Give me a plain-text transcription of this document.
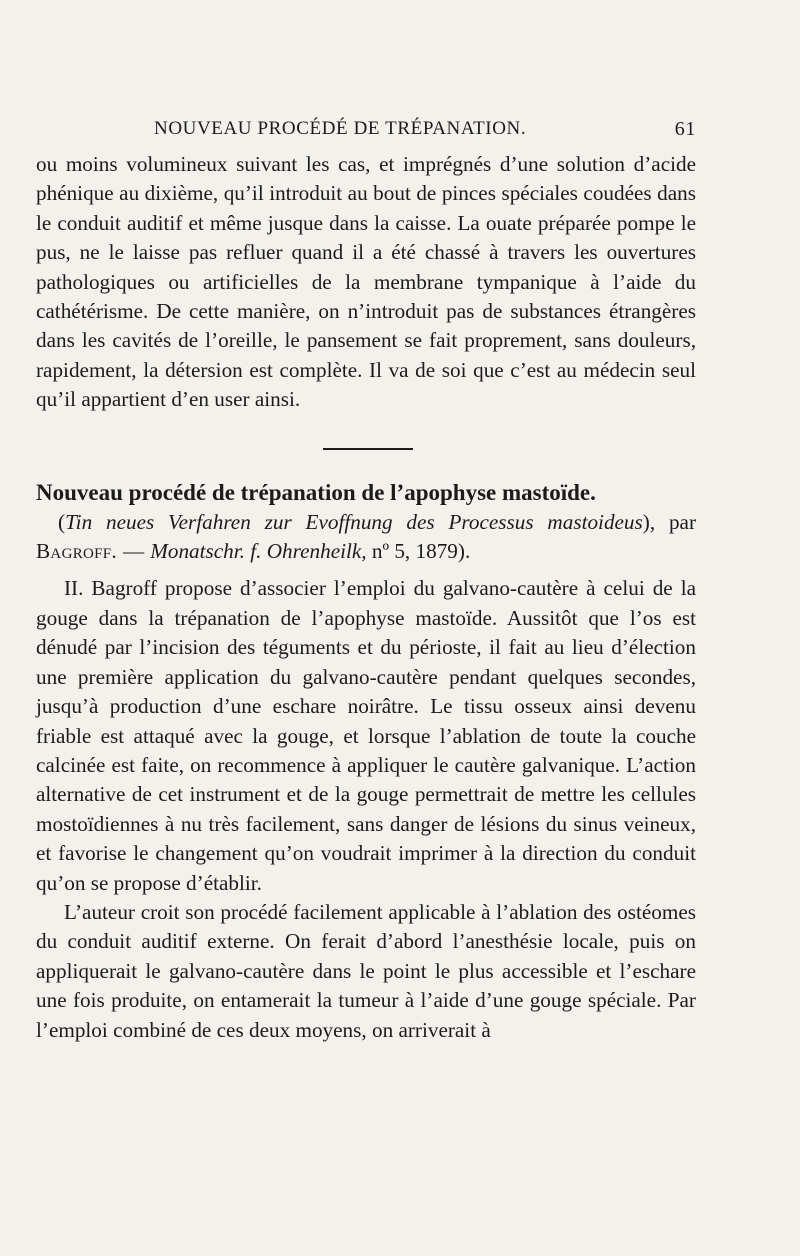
NOUVEAU PROCÉDÉ DE TRÉPANATION.	61

ou moins volumineux suivant les cas, et imprégnés d’une solution d’acide phénique au dixième, qu’il introduit au bout de pinces spéciales coudées dans le conduit auditif et même jusque dans la caisse. La ouate préparée pompe le pus, ne le laisse pas refluer quand il a été chassé à travers les ouvertures pathologiques ou artificielles de la membrane tympanique à l’aide du cathétérisme. De cette manière, on n’introduit pas de substances étrangères dans les cavités de l’oreille, le pansement se fait proprement, sans douleurs, rapidement, la détersion est complète. Il va de soi que c’est au médecin seul qu’il appartient d’en user ainsi.

Nouveau procédé de trépanation de l’apophyse mastoïde.
(Tin neues Verfahren zur Evoffnung des Processus mastoideus), par Bagroff. — Monatschr. f. Ohrenheilk, nº 5, 1879).

II. Bagroff propose d’associer l’emploi du galvano-cautère à celui de la gouge dans la trépanation de l’apophyse mastoïde. Aussitôt que l’os est dénudé par l’incision des téguments et du périoste, il fait au lieu d’élection une première application du galvano-cautère pendant quelques secondes, jusqu’à production d’une eschare noirâtre. Le tissu osseux ainsi devenu friable est attaqué avec la gouge, et lorsque l’ablation de toute la couche calcinée est faite, on recommence à appliquer le cautère galvanique. L’action alternative de cet instrument et de la gouge permettrait de mettre les cellules mostoïdiennes à nu très facilement, sans danger de lésions du sinus veineux, et favorise le changement qu’on voudrait imprimer à la direction du conduit qu’on se propose d’établir.

L’auteur croit son procédé facilement applicable à l’ablation des ostéomes du conduit auditif externe. On ferait d’abord l’anesthésie locale, puis on appliquerait le galvano-cautère dans le point le plus accessible et l’eschare une fois produite, on entamerait la tumeur à l’aide d’une gouge spéciale. Par l’emploi combiné de ces deux moyens, on arriverait à
